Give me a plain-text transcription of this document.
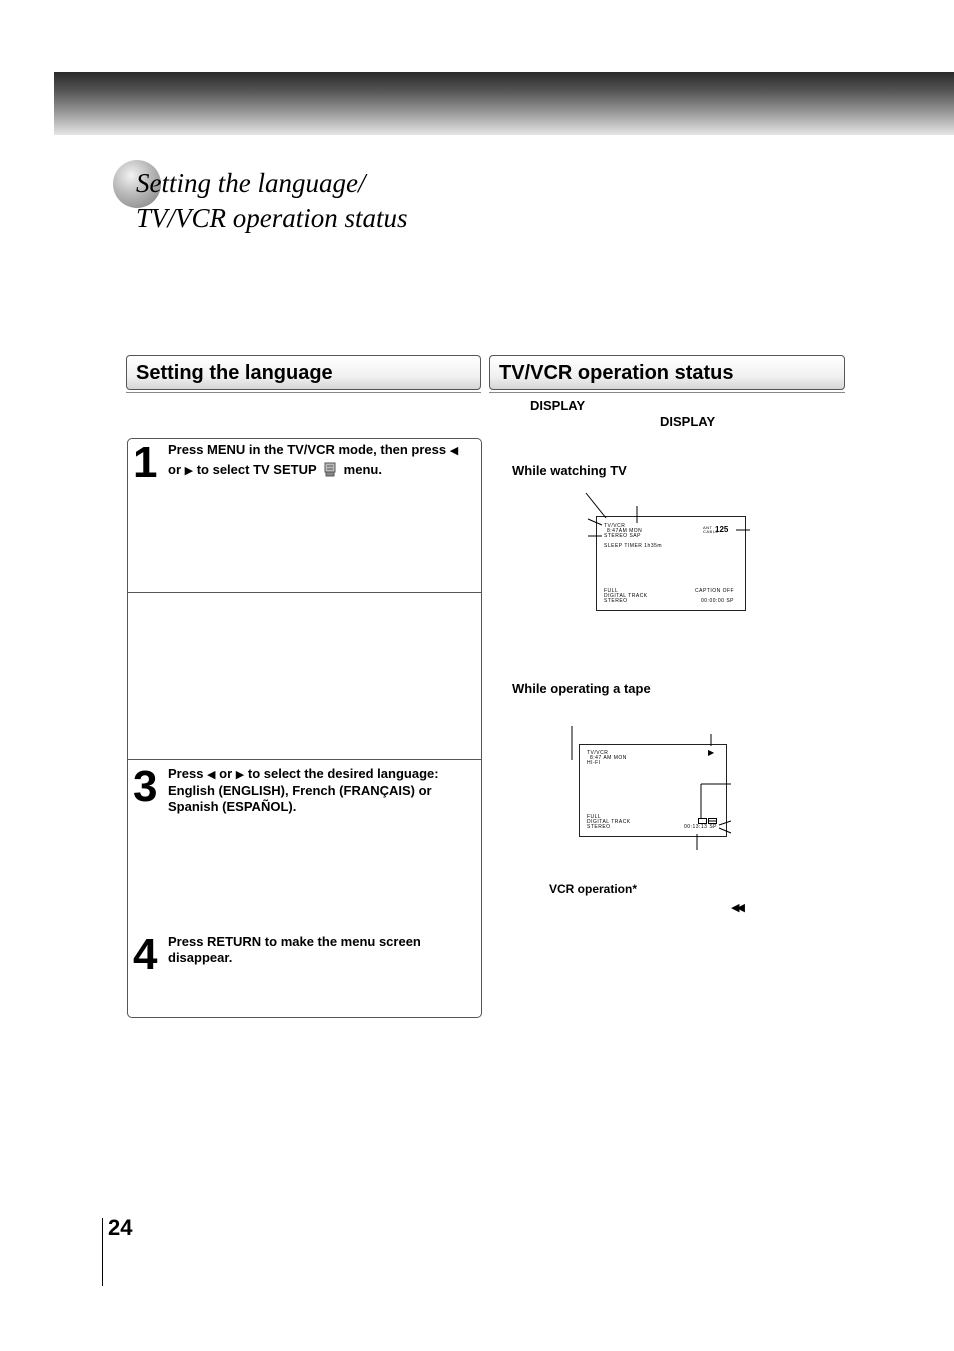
Setting the language/
TV/VCR operation status
Setting the language	TV/VCR operation status
1 Press MENU in the TV/VCR mode, then press ◀
or ▶ to select TV SETUP menu.
3 Press ◀ or ▶ to select the desired language:
English (ENGLISH), French (FRANÇAIS) or
Spanish (ESPAÑOL).
4 Press RETURN to make the menu screen
disappear.
DISPLAY
DISPLAY
While watching TV
TV/VCR
8:47AM MON
STEREO SAP
ANT
CABLE
125
SLEEP TIMER 1h35m
FULL
DIGITAL TRACK
STEREO
CAPTION OFF
00:00:00 SP
While operating a tape
TV/VCR
8:47 AM MON
HI-FI
▶
FULL
DIGITAL TRACK
STEREO	00:13:13 SP
VCR operation*
◀◀
24
